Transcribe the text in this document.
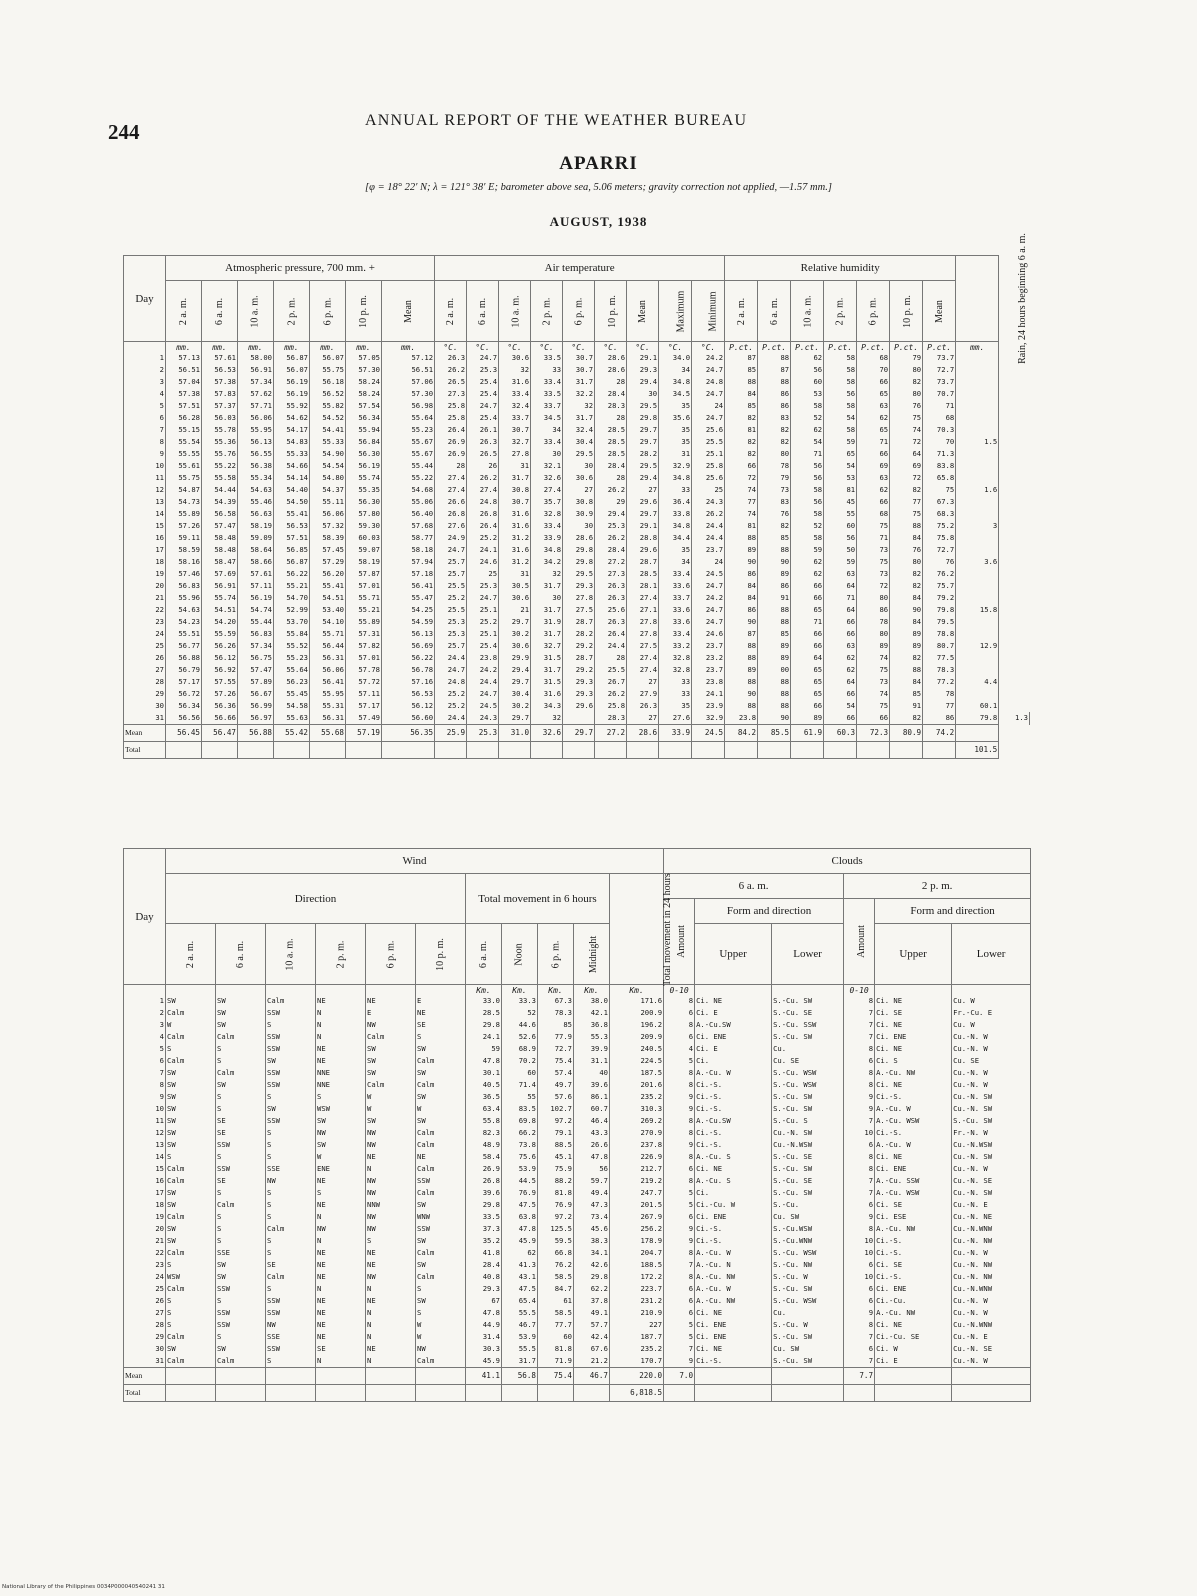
244	ANNUAL REPORT OF THE WEATHER BUREAU
APARRI
[φ = 18° 22′ N; λ = 121° 38′ E; barometer above sea, 5.06 meters; gravity correction not applied, —1.57 mm.]
AUGUST, 1938
Day	Atmospheric pressure, 700 mm. +							Air temperature									Relative humidity							Rain, 24 hours beginning 6 a. m.	
	2 a. m.	6 a. m.	10 a. m.	2 p. m.	6 p. m.	10 p. m.	Mean	2 a. m.	6 a. m.	10 a. m.	2 p. m.	6 p. m.	10 p. m.	Mean	Maximum	Minimum	2 a. m.	6 a. m.	10 a. m.	2 p. m.	6 p. m.	10 p. m.	Mean		
	mm.	mm.	mm.	mm.	mm.	mm.	mm.	°C.	°C.	°C.	°C.	°C.	°C.	°C.	°C.	°C.	P.ct.	P.ct.	P.ct.	P.ct.	P.ct.	P.ct.	P.ct.	mm.	
1	57.13	57.61	58.00	56.87	56.07	57.05	57.12	26.3	24.7	30.6	33.5	30.7	28.6	29.1	34.0	24.2	87	88	62	58	68	79	73.7		
2	56.51	56.53	56.91	56.07	55.75	57.30	56.51	26.2	25.3	32	33	30.7	28.6	29.3	34	24.7	85	87	56	58	70	80	72.7		
3	57.04	57.38	57.34	56.19	56.18	58.24	57.06	26.5	25.4	31.6	33.4	31.7	28	29.4	34.8	24.8	88	88	60	58	66	82	73.7		
4	57.38	57.83	57.62	56.19	56.52	58.24	57.30	27.3	25.4	33.4	33.5	32.2	28.4	30	34.5	24.7	84	86	53	56	65	80	70.7		
5	57.51	57.37	57.71	55.92	55.82	57.54	56.98	25.8	24.7	32.4	33.7	32	28.3	29.5	35	24	85	86	58	58	63	76	71		
6	56.28	56.03	56.06	54.62	54.52	56.34	55.64	25.8	25.4	33.7	34.5	31.7	28	29.8	35.6	24.7	82	83	52	54	62	75	68		
7	55.15	55.78	55.95	54.17	54.41	55.94	55.23	26.4	26.1	30.7	34	32.4	28.5	29.7	35	25.6	81	82	62	58	65	74	70.3		
8	55.54	55.36	56.13	54.83	55.33	56.84	55.67	26.9	26.3	32.7	33.4	30.4	28.5	29.7	35	25.5	82	82	54	59	71	72	70	1.5	
9	55.55	55.76	56.55	55.33	54.90	56.30	55.67	26.9	26.5	27.8	30	29.5	28.5	28.2	31	25.1	82	80	71	65	66	64	71.3		
10	55.61	55.22	56.38	54.66	54.54	56.19	55.44	28	26	31	32.1	30	28.4	29.5	32.9	25.8	66	78	56	54	69	69	83.8		
11	55.75	55.58	55.34	54.14	54.80	55.74	55.22	27.4	26.2	31.7	32.6	30.6	28	29.4	34.8	25.6	72	79	56	53	63	72	65.8		
12	54.87	54.44	54.63	54.40	54.37	55.35	54.68	27.4	27.4	30.8	27.4	27	26.2	27	33	25	74	73	58	81	62	82	75	1.6	
13	54.73	54.39	55.46	54.50	55.11	56.30	55.06	26.6	24.8	30.7	35.7	30.8	29	29.6	36.4	24.3	77	83	56	45	66	77	67.3		
14	55.89	56.58	56.63	55.41	56.06	57.80	56.40	26.8	26.8	31.6	32.8	30.9	29.4	29.7	33.8	26.2	74	76	58	55	68	75	68.3		
15	57.26	57.47	58.19	56.53	57.32	59.30	57.68	27.6	26.4	31.6	33.4	30	25.3	29.1	34.8	24.4	81	82	52	60	75	88	75.2	3	
16	59.11	58.48	59.09	57.51	58.39	60.03	58.77	24.9	25.2	31.2	33.9	28.6	26.2	28.8	34.4	24.4	88	85	58	56	71	84	75.8		
17	58.59	58.48	58.64	56.85	57.45	59.07	58.18	24.7	24.1	31.6	34.8	29.8	28.4	29.6	35	23.7	89	88	59	50	73	76	72.7		
18	58.16	58.47	58.66	56.87	57.29	58.19	57.94	25.7	24.6	31.2	34.2	29.8	27.2	28.7	34	24	90	90	62	59	75	80	76	3.6	
19	57.46	57.69	57.61	56.22	56.20	57.87	57.18	25.7	25	31	32	29.5	27.3	28.5	33.4	24.5	86	89	62	63	73	82	76.2		
20	56.83	56.91	57.11	55.21	55.41	57.01	56.41	25.5	25.3	30.5	31.7	29.3	26.3	28.1	33.6	24.7	84	86	66	64	72	82	75.7		
21	55.96	55.74	56.19	54.70	54.51	55.71	55.47	25.2	24.7	30.6	30	27.8	26.3	27.4	33.7	24.2	84	91	66	71	80	84	79.2		
22	54.63	54.51	54.74	52.99	53.40	55.21	54.25	25.5	25.1	21	31.7	27.5	25.6	27.1	33.6	24.7	86	88	65	64	86	90	79.8	15.8	
23	54.23	54.20	55.44	53.70	54.10	55.89	54.59	25.3	25.2	29.7	31.9	28.7	26.3	27.8	33.6	24.7	90	88	71	66	78	84	79.5		
24	55.51	55.59	56.83	55.84	55.71	57.31	56.13	25.3	25.1	30.2	31.7	28.2	26.4	27.8	33.4	24.6	87	85	66	66	80	89	78.8		
25	56.77	56.26	57.34	55.52	56.44	57.82	56.69	25.7	25.4	30.6	32.7	29.2	24.4	27.5	33.2	23.7	88	89	66	63	89	89	80.7	12.9	
26	56.88	56.12	56.75	55.23	56.31	57.01	56.22	24.4	23.8	29.9	31.5	28.7	28	27.4	32.8	23.2	88	89	64	62	74	82	77.5		
27	56.79	56.92	57.47	55.64	56.06	57.78	56.78	24.7	24.2	29.4	31.7	29.2	25.5	27.4	32.8	23.7	89	00	65	62	75	88	78.3		
28	57.17	57.55	57.89	56.23	56.41	57.72	57.16	24.8	24.4	29.7	31.5	29.3	26.7	27	33	23.8	88	88	65	64	73	84	77.2	4.4	
29	56.72	57.26	56.67	55.45	55.95	57.11	56.53	25.2	24.7	30.4	31.6	29.3	26.2	27.9	33	24.1	90	88	65	66	74	85	78		
30	56.34	56.36	56.99	54.58	55.31	57.17	56.12	25.2	24.5	30.2	34.3	29.6	25.8	26.3	35	23.9	88	88	66	54	75	91	77	60.1	
31	56.56	56.66	56.97	55.63	56.31	57.49	56.60	24.4	24.3	29.7	32		28.3	27	27.6	32.9	23.8	90	89	66	66	82	86	79.8	1.3
Mean	56.45	56.47	56.88	55.42	55.68	57.19	56.35	25.9	25.3	31.0	32.6	29.7	27.2	28.6	33.9	24.5	84.2	85.5	61.9	60.3	72.3	80.9	74.2		
Total																								101.5	
Day	Wind											Clouds					
	Direction						Total movement in 6 hours				Total movement in 24 hours	6 a. m.			2 p. m.		
												Amount	Form and direction		Amount	Form and direction	
	2 a. m.	6 a. m.	10 a. m.	2 p. m.	6 p. m.	10 p. m.	6 a. m.	Noon	6 p. m.	Midnight			Upper	Lower		Upper	Lower
							Km.	Km.	Km.	Km.	Km.	0-10			0-10		
1	SW	SW	Calm	NE	NE	E	33.0	33.3	67.3	38.0	171.6	8	Ci. NE	S.-Cu. SW	8	Ci. NE	Cu. W
2	Calm	SW	SSW	N	E	NE	28.5	52	78.3	42.1	200.9	6	Ci. E	S.-Cu. SE	7	Ci. SE	Fr.-Cu. E
3	W	SW	S	N	NW	SE	29.8	44.6	85	36.8	196.2	8	A.-Cu.SW	S.-Cu. SSW	7	Ci. NE	Cu. W
4	Calm	Calm	SSW	N	Calm	S	24.1	52.6	77.9	55.3	209.9	6	Ci. ENE	S.-Cu. SW	7	Ci. ENE	Cu.-N. W
5	S	S	SSW	NE	SW	SW	59	68.9	72.7	39.9	240.5	4	Ci. E	Cu.	8	Ci. NE	Cu.-N. W
6	Calm	S	SW	NE	SW	Calm	47.8	70.2	75.4	31.1	224.5	5	Ci.	Cu. SE	6	Ci. S	Cu. SE
7	SW	Calm	SSW	NNE	SW	SW	30.1	60	57.4	40	187.5	8	A.-Cu. W	S.-Cu. WSW	8	A.-Cu. NW	Cu.-N. W
8	SW	SW	SSW	NNE	Calm	Calm	40.5	71.4	49.7	39.6	201.6	8	Ci.-S.	S.-Cu. WSW	8	Ci. NE	Cu.-N. W
9	SW	S	S	S	W	SW	36.5	55	57.6	86.1	235.2	9	Ci.-S.	S.-Cu. SW	9	Ci.-S.	Cu.-N. SW
10	SW	S	SW	WSW	W	W	63.4	83.5	102.7	60.7	310.3	9	Ci.-S.	S.-Cu. SW	9	A.-Cu. W	Cu.-N. SW
11	SW	SE	SSW	SW	SW	SW	55.8	69.8	97.2	46.4	269.2	8	A.-Cu.SW	S.-Cu. S	7	A.-Cu. WSW	S.-Cu. SW
12	SW	SE	S	NW	NW	Calm	82.3	66.2	79.1	43.3	270.9	8	Ci.-S.	Cu.-N. SW	10	Ci.-S.	Fr.-N. W
13	SW	SSW	S	SW	NW	Calm	48.9	73.8	88.5	26.6	237.8	9	Ci.-S.	Cu.-N.WSW	6	A.-Cu. W	Cu.-N.WSW
14	S	S	S	W	NE	NE	58.4	75.6	45.1	47.8	226.9	8	A.-Cu. S	S.-Cu. SE	8	Ci. NE	Cu.-N. SW
15	Calm	SSW	SSE	ENE	N	Calm	26.9	53.9	75.9	56	212.7	6	Ci. NE	S.-Cu. SW	8	Ci. ENE	Cu.-N. W
16	Calm	SE	NW	NE	NW	SSW	26.8	44.5	88.2	59.7	219.2	8	A.-Cu. S	S.-Cu. SE	7	A.-Cu. SSW	Cu.-N. SE
17	SW	S	S	S	NW	Calm	39.6	76.9	81.8	49.4	247.7	5	Ci.	S.-Cu. SW	7	A.-Cu. WSW	Cu.-N. SW
18	SW	Calm	S	NE	NNW	SW	29.8	47.5	76.9	47.3	201.5	5	Ci.-Cu. W	S.-Cu.	6	Ci. SE	Cu.-N. E
19	Calm	S	S	N	NW	WNW	33.5	63.8	97.2	73.4	267.9	6	Ci. ENE	Cu. SW	9	Ci. ESE	Cu.-N. NE
20	SW	S	Calm	NW	NW	SSW	37.3	47.8	125.5	45.6	256.2	9	Ci.-S.	S.-Cu.WSW	8	A.-Cu. NW	Cu.-N.WNW
21	SW	S	S	N	S	SW	35.2	45.9	59.5	38.3	178.9	9	Ci.-S.	S.-Cu.WNW	10	Ci.-S.	Cu.-N. NW
22	Calm	SSE	S	NE	NE	Calm	41.8	62	66.8	34.1	204.7	8	A.-Cu. W	S.-Cu. WSW	10	Ci.-S.	Cu.-N. W
23	S	SW	SE	NE	NE	SW	28.4	41.3	76.2	42.6	188.5	7	A.-Cu. N	S.-Cu. NW	6	Ci. SE	Cu.-N. NW
24	WSW	SW	Calm	NE	NW	Calm	40.8	43.1	58.5	29.8	172.2	8	A.-Cu. NW	S.-Cu. W	10	Ci.-S.	Cu.-N. NW
25	Calm	SSW	S	N	N	S	29.3	47.5	84.7	62.2	223.7	6	A.-Cu. W	S.-Cu. SW	6	Ci. ENE	Cu.-N.WNW
26	S	S	SSW	NE	NE	SW	67	65.4	61	37.8	231.2	6	A.-Cu. NW	S.-Cu. WSW	6	Ci.-Cu.	Cu.-N. W
27	S	SSW	SSW	NE	N	S	47.8	55.5	58.5	49.1	210.9	6	Ci. NE	Cu.	9	A.-Cu. NW	Cu.-N. W
28	S	SSW	NW	NE	N	W	44.9	46.7	77.7	57.7	227	5	Ci. ENE	S.-Cu. W	8	Ci. NE	Cu.-N.WNW
29	Calm	S	SSE	NE	N	W	31.4	53.9	60	42.4	187.7	5	Ci. ENE	S.-Cu. SW	7	Ci.-Cu. SE	Cu.-N. E
30	SW	SW	SSW	SE	NE	NW	30.3	55.5	81.8	67.6	235.2	7	Ci. NE	Cu. SW	6	Ci. W	Cu.-N. SE
31	Calm	Calm	S	N	N	Calm	45.9	31.7	71.9	21.2	170.7	9	Ci.-S.	S.-Cu. SW	7	Ci. E	Cu.-N. W
Mean							41.1	56.8	75.4	46.7	220.0	7.0			7.7		
Total											6,818.5						
National Library of the Philippines 0034P000040540241 31
